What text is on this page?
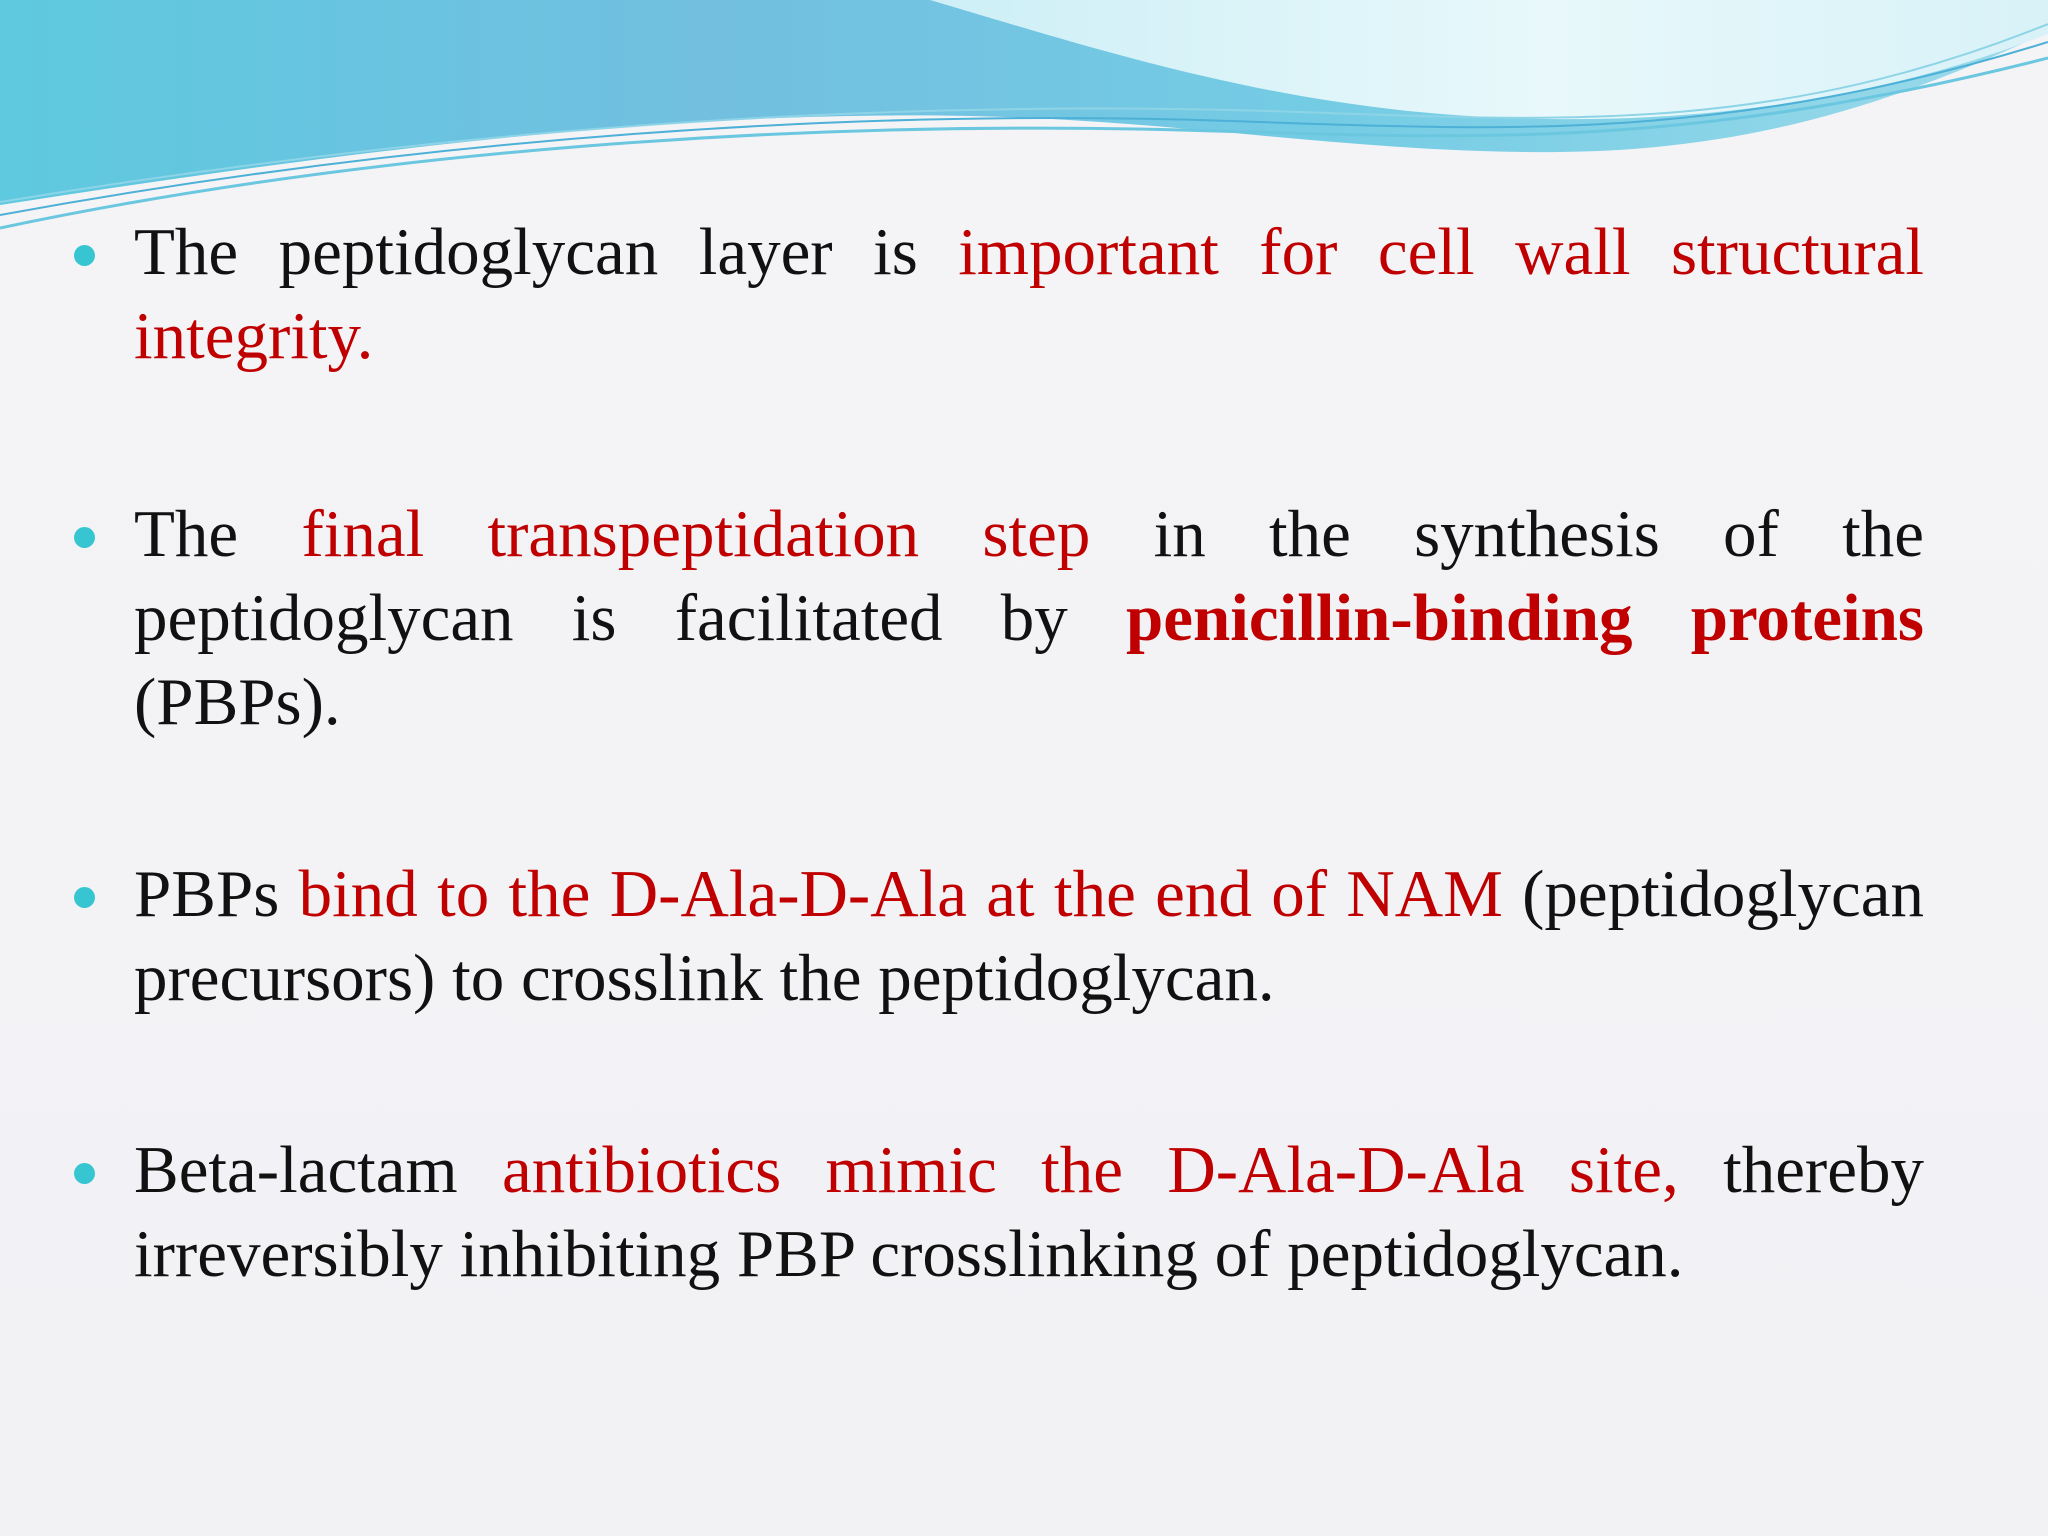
The peptidoglycan layer is important for cell wall structural integrity.
The final transpeptidation step in the synthesis of the peptidoglycan is facilitated by penicillin-binding proteins (PBPs).
PBPs bind to the D-Ala-D-Ala at the end of NAM (peptidoglycan precursors) to crosslink the peptidoglycan.
Beta-lactam antibiotics mimic the D-Ala-D-Ala site, thereby irreversibly inhibiting PBP crosslinking of peptidoglycan.
